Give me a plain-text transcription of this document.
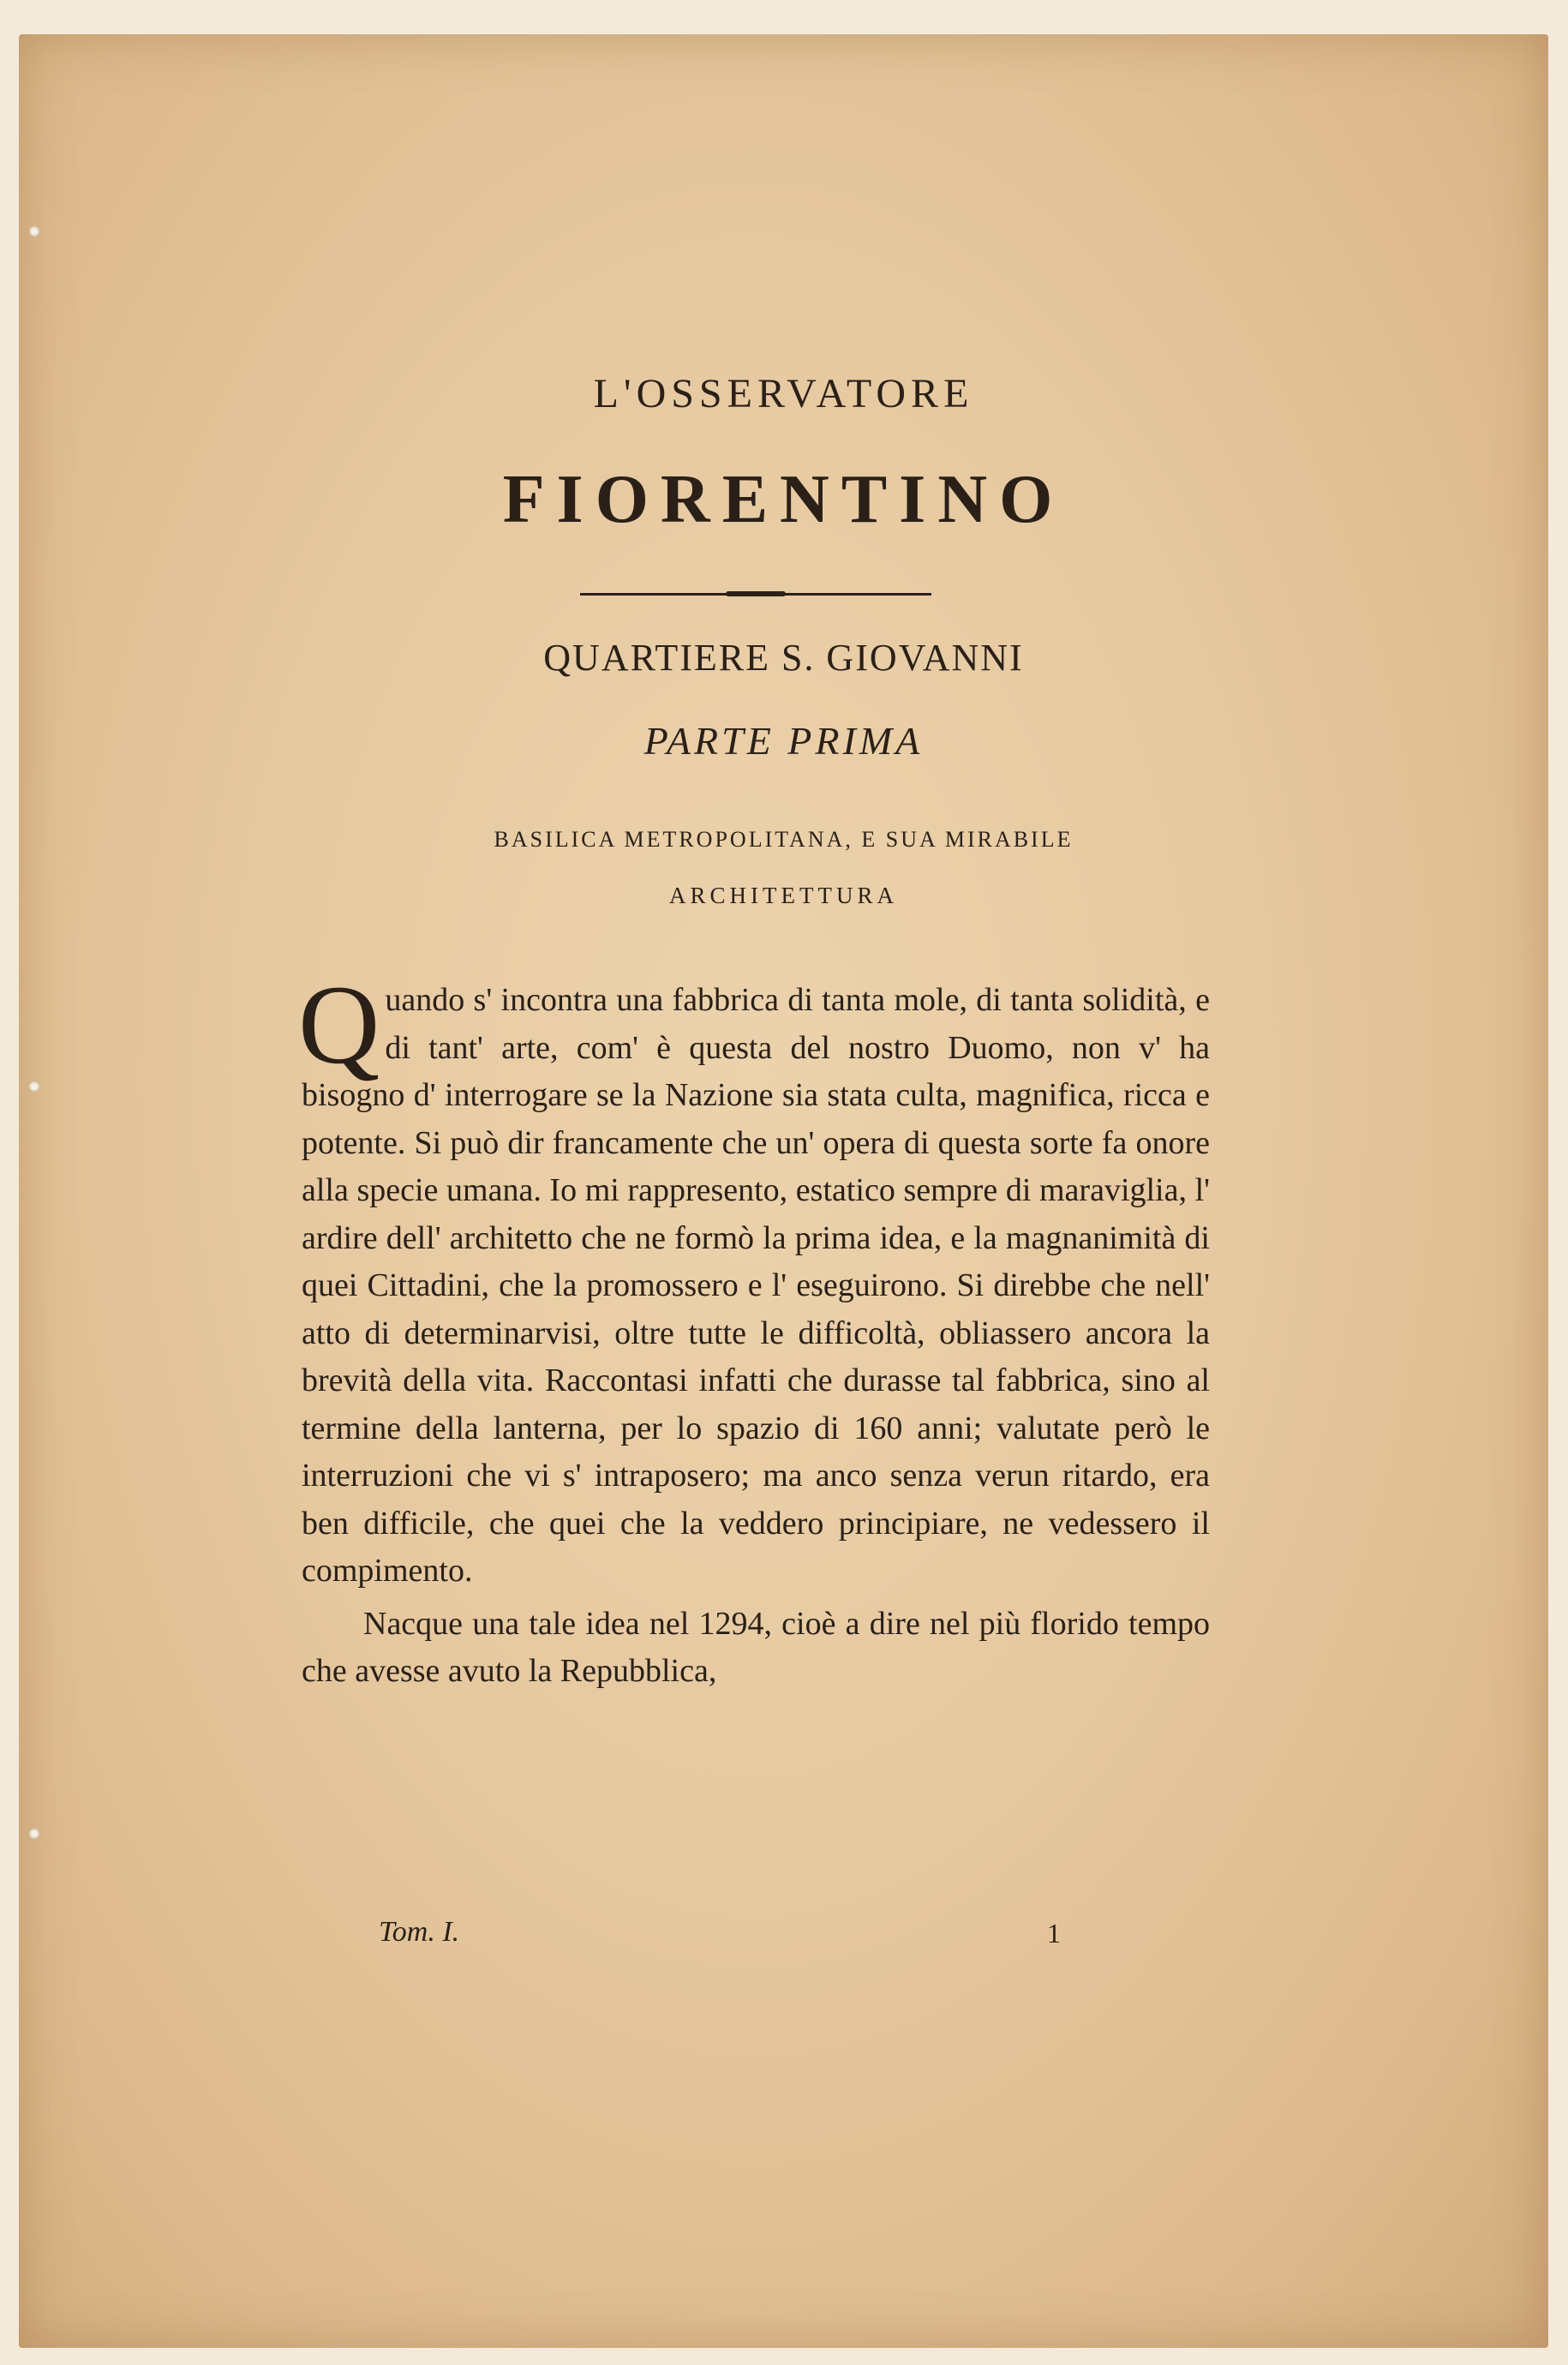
L'OSSERVATORE
FIORENTINO
QUARTIERE S. GIOVANNI
PARTE PRIMA
BASILICA METROPOLITANA, E SUA MIRABILE
ARCHITETTURA

Quando s' incontra una fabbrica di tanta mole, di tanta solidità, e di tant' arte, com' è questa del nostro Duomo, non v' ha bisogno d' interrogare se la Nazione sia stata culta, magnifica, ricca e potente. Si può dir francamente che un' opera di questa sorte fa onore alla specie umana. Io mi rappresento, estatico sempre di maraviglia, l' ardire dell' architetto che ne formò la prima idea, e la magnanimità di quei Cittadini, che la promossero e l' eseguirono. Si direbbe che nell' atto di determinarvisi, oltre tutte le difficoltà, obliassero ancora la brevità della vita. Raccontasi infatti che durasse tal fabbrica, sino al termine della lanterna, per lo spazio di 160 anni; valutate però le interruzioni che vi s' intraposero; ma anco senza verun ritardo, era ben difficile, che quei che la veddero principiare, ne vedessero il compimento.

Nacque una tale idea nel 1294, cioè a dire nel più florido tempo che avesse avuto la Repubblica,

Tom. I.	1
